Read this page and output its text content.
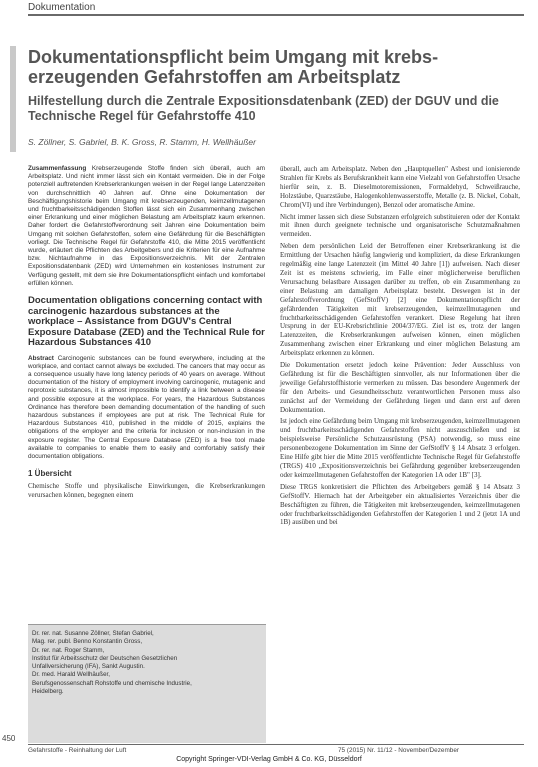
Dokumentation
Dokumentationspflicht beim Umgang mit krebserzeugenden Gefahrstoffen am Arbeitsplatz
Hilfestellung durch die Zentrale Expositionsdatenbank (ZED) der DGUV und die Technische Regel für Gefahrstoffe 410
S. Zöllner, S. Gabriel, B. K. Gross, R. Stamm, H. Wellhäußer

Zusammenfassung Krebserzeugende Stoffe finden sich überall, auch am Arbeitsplatz. Und nicht immer lässt sich ein Kontakt vermeiden. Die in der Folge potenziell auftretenden Krebserkrankungen weisen in der Regel lange Latenzzeiten von durchschnittlich 40 Jahren auf. Ohne eine Dokumentation der Beschäftigungshistorie beim Umgang mit krebserzeugenden, keimzellmutagenen und fruchtbarkeitsschädigenden Stoffen lässt sich ein Zusammenhang zwischen einer Erkrankung und einer möglichen Belastung am Arbeitsplatz kaum erkennen. Daher fordert die Gefahrstoffverordnung seit Jahren eine Dokumentation beim Umgang mit solchen Gefahrstoffen, sofern eine Gefährdung für die Beschäftigten vorliegt. Die Technische Regel für Gefahrstoffe 410, die Mitte 2015 veröffentlicht wurde, erläutert die Pflichten des Arbeitgebers und die Kriterien für eine Aufnahme bzw. Nichtaufnahme in das Expositionsverzeichnis. Mit der Zentralen Expositionsdatenbank (ZED) wird Unternehmen ein kostenloses Instrument zur Verfügung gestellt, mit dem sie ihre Dokumentationspflicht einfach und komfortabel erfüllen können.

Documentation obligations concerning contact with carcinogenic hazardous substances at the workplace – Assistance from DGUV's Central Exposure Database (ZED) and the Technical Rule for Hazardous Substances 410

Abstract Carcinogenic substances can be found everywhere, including at the workplace, and contact cannot always be excluded. The cancers that may occur as a consequence usually have long latency periods of 40 years on average. Without documentation of the history of employment involving carcinogenic, mutagenic and reprotoxic substances, it is almost impossible to identify a link between a disease and possible exposure at the workplace. For years, the Hazardous Substances Ordinance has therefore been demanding documentation of the handling of such hazardous substances if employees are put at risk. The Technical Rule for Hazardous Substances 410, published in the middle of 2015, explains the obligations of the employer and the criteria for inclusion or non-inclusion in the exposure register. The Central Exposure Database (ZED) is a free tool made available to companies to enable them to easily and comfortably satisfy their documentation obligations.

1 Übersicht

Chemische Stoffe und physikalische Einwirkungen, die Krebserkrankungen verursachen können, begegnen einem

Dr. rer. nat. Susanne Zöllner, Stefan Gabriel,
Mag. rer. publ. Benno Konstantin Gross,
Dr. rer. nat. Roger Stamm,
Institut für Arbeitsschutz der Deutschen Gesetzlichen
Unfallversicherung (IFA), Sankt Augustin.
Dr. med. Harald Wellhäußer,
Berufsgenossenschaft Rohstoffe und chemische Industrie,
Heidelberg.

überall, auch am Arbeitsplatz. Neben den „Hauptquellen" Asbest und ionisierende Strahlen für Krebs als Berufskrankheit kann eine Vielzahl von Gefahrstoffen Ursache hierfür sein, z. B. Dieselmotoremissionen, Formaldehyd, Schweißrauche, Holzstäube, Quarzstäube, Halogenkohlenwasserstoffe, Metalle (z. B. Nickel, Cobalt, Chrom(VI) und ihre Verbindungen), Benzol oder aromatische Amine.

Nicht immer lassen sich diese Substanzen erfolgreich substituieren oder der Kontakt mit ihnen durch geeignete technische und organisatorische Schutzmaßnahmen vermeiden.

Neben dem persönlichen Leid der Betroffenen einer Krebserkrankung ist die Ermittlung der Ursachen häufig langwierig und kompliziert, da diese Erkrankungen regelmäßig eine lange Latenzzeit (im Mittel 40 Jahre [1]) aufweisen. Nach dieser Zeit ist es meistens schwierig, im Falle einer möglicherweise beruflichen Verursachung belastbare Aussagen darüber zu treffen, ob ein Zusammenhang zu einer Belastung am damaligen Arbeitsplatz besteht. Deswegen ist in der Gefahrstoffverordnung (GefStoffV) [2] eine Dokumentationspflicht der gefährdenden Tätigkeiten mit krebserzeugenden, keimzellmutagenen und fruchtbarkeitsschädigenden Gefahrstoffen verankert. Diese Regelung hat ihren Ursprung in der EU-Krebsrichtlinie 2004/37/EG. Ziel ist es, trotz der langen Latenzzeiten, die Krebserkrankungen aufweisen können, einen möglichen Zusammenhang zwischen einer Erkrankung und einer möglichen Belastung am Arbeitsplatz erkennen zu können.

Die Dokumentation ersetzt jedoch keine Prävention: Jeder Ausschluss von Gefährdung ist für die Beschäftigten sinnvoller, als nur Informationen über die jeweilige Gefahrstoffhistorie vermerken zu müssen. Das besondere Augenmerk der für den Arbeits- und Gesundheitsschutz verantwortlichen Personen muss also zunächst auf der Vermeidung der Gefährdung liegen und dann erst auf deren Dokumentation.

Ist jedoch eine Gefährdung beim Umgang mit krebserzeugenden, keimzellmutagenen und fruchtbarkeitsschädigenden Gefahrstoffen nicht auszuschließen und ist beispielsweise Persönliche Schutzausrüstung (PSA) notwendig, so muss eine personenbezogene Dokumentation im Sinne der GefStoffV § 14 Absatz 3 erfolgen. Eine Hilfe gibt hier die Mitte 2015 veröffentlichte Technische Regel für Gefahrstoffe (TRGS) 410 „Expositionsverzeichnis bei Gefährdung gegenüber krebserzeugenden oder keimzellmutagenen Gefahrstoffen der Kategorien 1A oder 1B" [3].

Diese TRGS konkretisiert die Pflichten des Arbeitgebers gemäß § 14 Absatz 3 GefStoffV. Hiernach hat der Arbeitgeber ein aktualisiertes Verzeichnis über die Beschäftigten zu führen, die Tätigkeiten mit krebserzeugenden, keimzellmutagenen oder fruchtbarkeitsschädigenden Gefahrstoffen der Kategorien 1 und 2 (jetzt 1A und 1B) ausüben und bei

450
Gefahrstoffe - Reinhaltung der Luft	75 (2015) Nr. 11/12 - November/Dezember
Copyright Springer-VDI-Verlag GmbH & Co. KG, Düsseldorf
